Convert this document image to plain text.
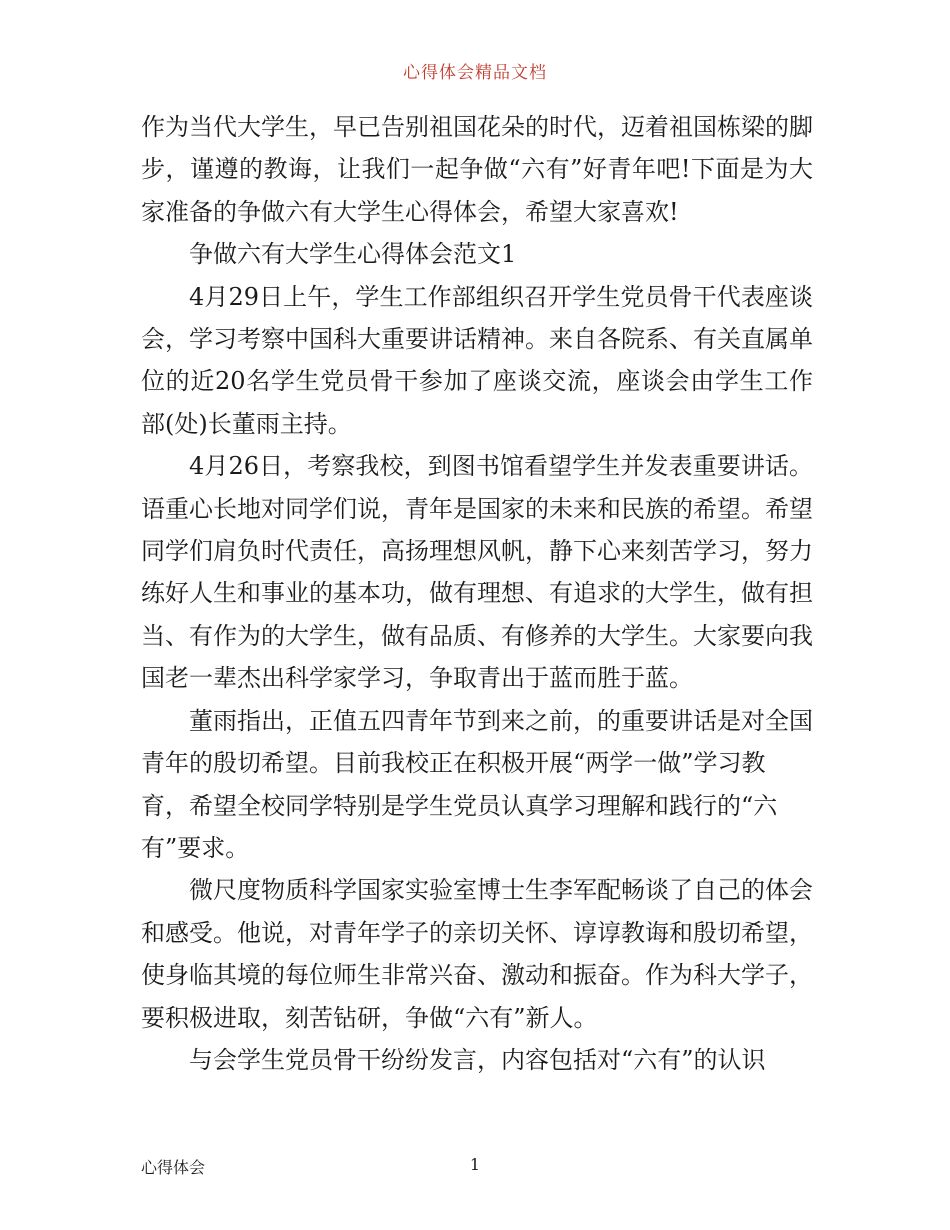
心得体会精品文档

作为当代大学生，早已告别祖国花朵的时代，迈着祖国栋梁的脚步，谨遵的教诲，让我们一起争做“六有”好青年吧!下面是为大家准备的争做六有大学生心得体会，希望大家喜欢!

争做六有大学生心得体会范文1

4月29日上午，学生工作部组织召开学生党员骨干代表座谈会，学习考察中国科大重要讲话精神。来自各院系、有关直属单位的近20名学生党员骨干参加了座谈交流，座谈会由学生工作部(处)长董雨主持。

4月26日，考察我校，到图书馆看望学生并发表重要讲话。语重心长地对同学们说，青年是国家的未来和民族的希望。希望同学们肩负时代责任，高扬理想风帆，静下心来刻苦学习，努力练好人生和事业的基本功，做有理想、有追求的大学生，做有担当、有作为的大学生，做有品质、有修养的大学生。大家要向我国老一辈杰出科学家学习，争取青出于蓝而胜于蓝。

董雨指出，正值五四青年节到来之前，的重要讲话是对全国青年的殷切希望。目前我校正在积极开展“两学一做”学习教育，希望全校同学特别是学生党员认真学习理解和践行的“六有”要求。

微尺度物质科学国家实验室博士生李军配畅谈了自己的体会和感受。他说，对青年学子的亲切关怀、谆谆教诲和殷切希望，使身临其境的每位师生非常兴奋、激动和振奋。作为科大学子，要积极进取，刻苦钻研，争做“六有”新人。

与会学生党员骨干纷纷发言，内容包括对“六有”的认识

心得体会	1
